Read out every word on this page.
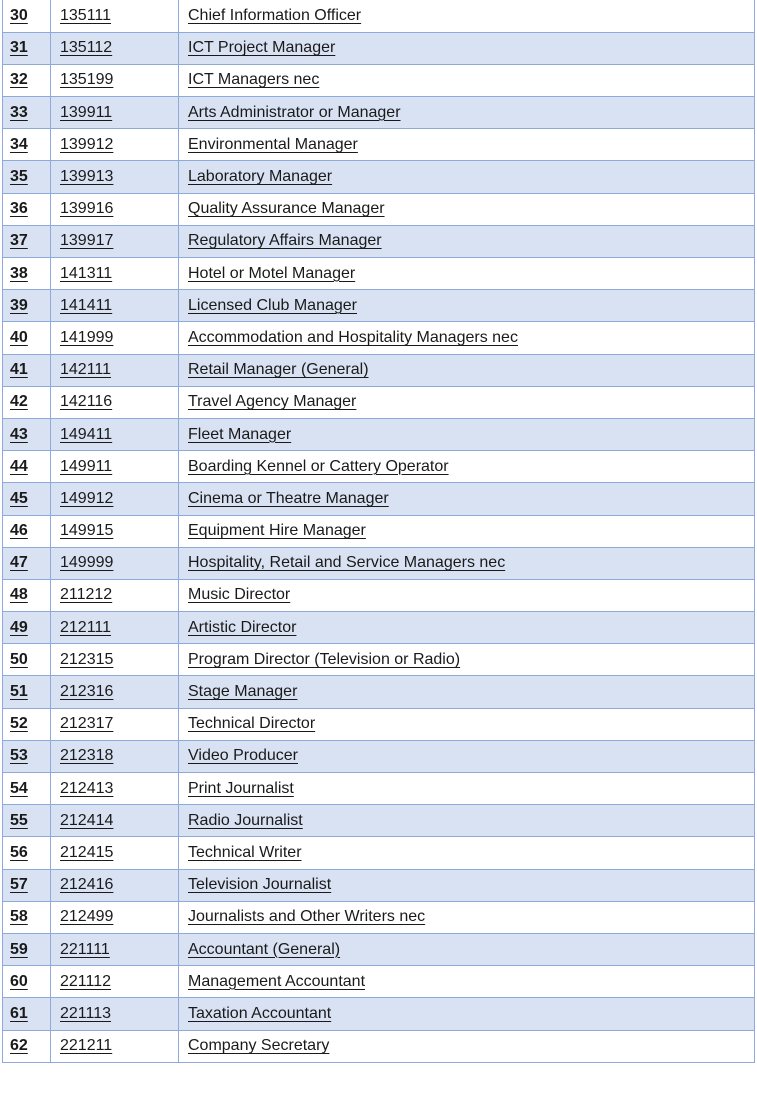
30	135111	Chief Information Officer
31	135112	ICT Project Manager
32	135199	ICT Managers nec
33	139911	Arts Administrator or Manager
34	139912	Environmental Manager
35	139913	Laboratory Manager
36	139916	Quality Assurance Manager
37	139917	Regulatory Affairs Manager
38	141311	Hotel or Motel Manager
39	141411	Licensed Club Manager
40	141999	Accommodation and Hospitality Managers nec
41	142111	Retail Manager (General)
42	142116	Travel Agency Manager
43	149411	Fleet Manager
44	149911	Boarding Kennel or Cattery Operator
45	149912	Cinema or Theatre Manager
46	149915	Equipment Hire Manager
47	149999	Hospitality, Retail and Service Managers nec
48	211212	Music Director
49	212111	Artistic Director
50	212315	Program Director (Television or Radio)
51	212316	Stage Manager
52	212317	Technical Director
53	212318	Video Producer
54	212413	Print Journalist
55	212414	Radio Journalist
56	212415	Technical Writer
57	212416	Television Journalist
58	212499	Journalists and Other Writers nec
59	221111	Accountant (General)
60	221112	Management Accountant
61	221113	Taxation Accountant
62	221211	Company Secretary
